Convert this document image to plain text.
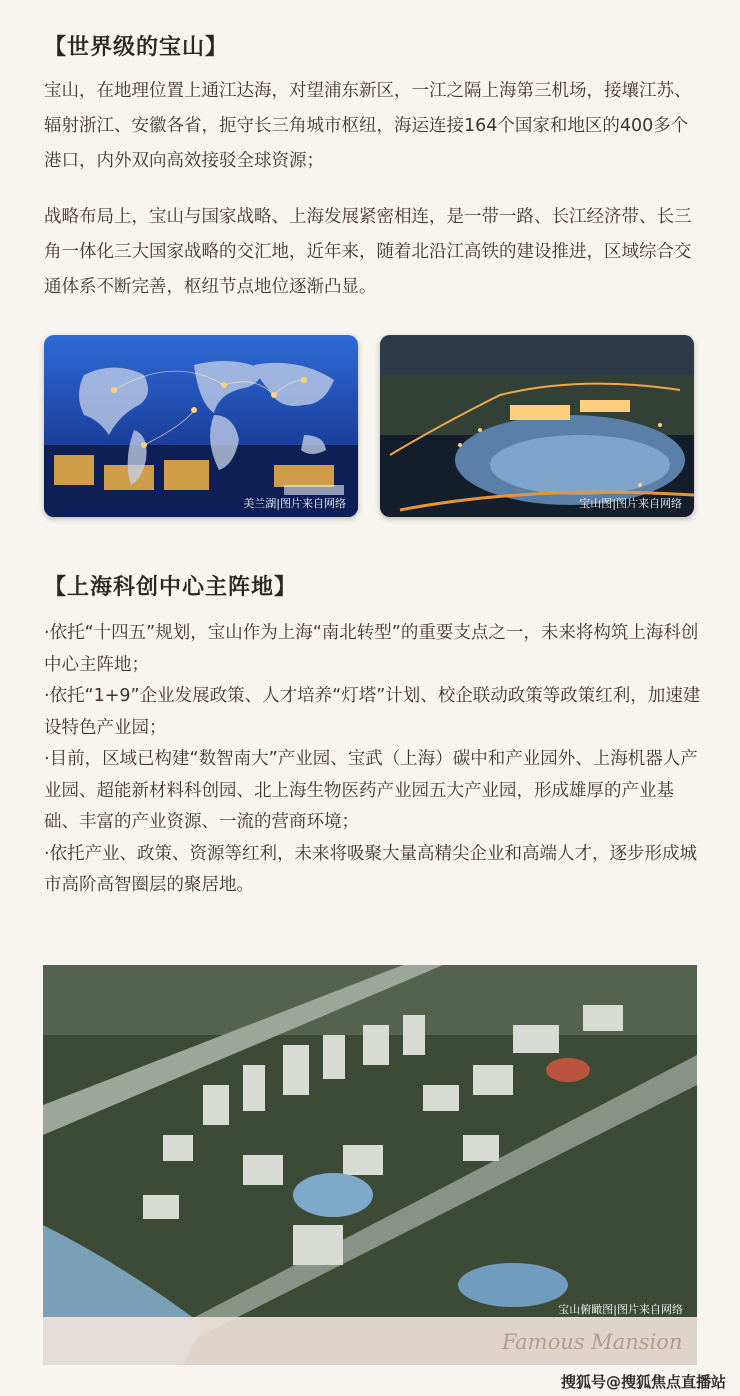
【世界级的宝山】

宝山，在地理位置上通江达海，对望浦东新区，一江之隔上海第三机场，接壤江苏、辐射浙江、安徽各省，扼守长三角城市枢纽，海运连接164个国家和地区的400多个港口，内外双向高效接驳全球资源；

战略布局上，宝山与国家战略、上海发展紧密相连，是一带一路、长江经济带、长三角一体化三大国家战略的交汇地，近年来，随着北沿江高铁的建设推进，区域综合交通体系不断完善，枢纽节点地位逐渐凸显。

美兰湖|图片来自网络	宝山图|图片来自网络
【上海科创中心主阵地】

·依托“十四五”规划，宝山作为上海“南北转型”的重要支点之一，未来将构筑上海科创中心主阵地；

·依托“1+9”企业发展政策、人才培养“灯塔”计划、校企联动政策等政策红利，加速建设特色产业园；

·目前，区域已构建“数智南大”产业园、宝武（上海）碳中和产业园外、上海机器人产业园、超能新材料科创园、北上海生物医药产业园五大产业园，形成雄厚的产业基础、丰富的产业资源、一流的营商环境；

·依托产业、政策、资源等红利，未来将吸聚大量高精尖企业和高端人才，逐步形成城市高阶高智圈层的聚居地。

宝山俯瞰图|图片来自网络
Famous Mansion
搜狐号@搜狐焦点直播站
